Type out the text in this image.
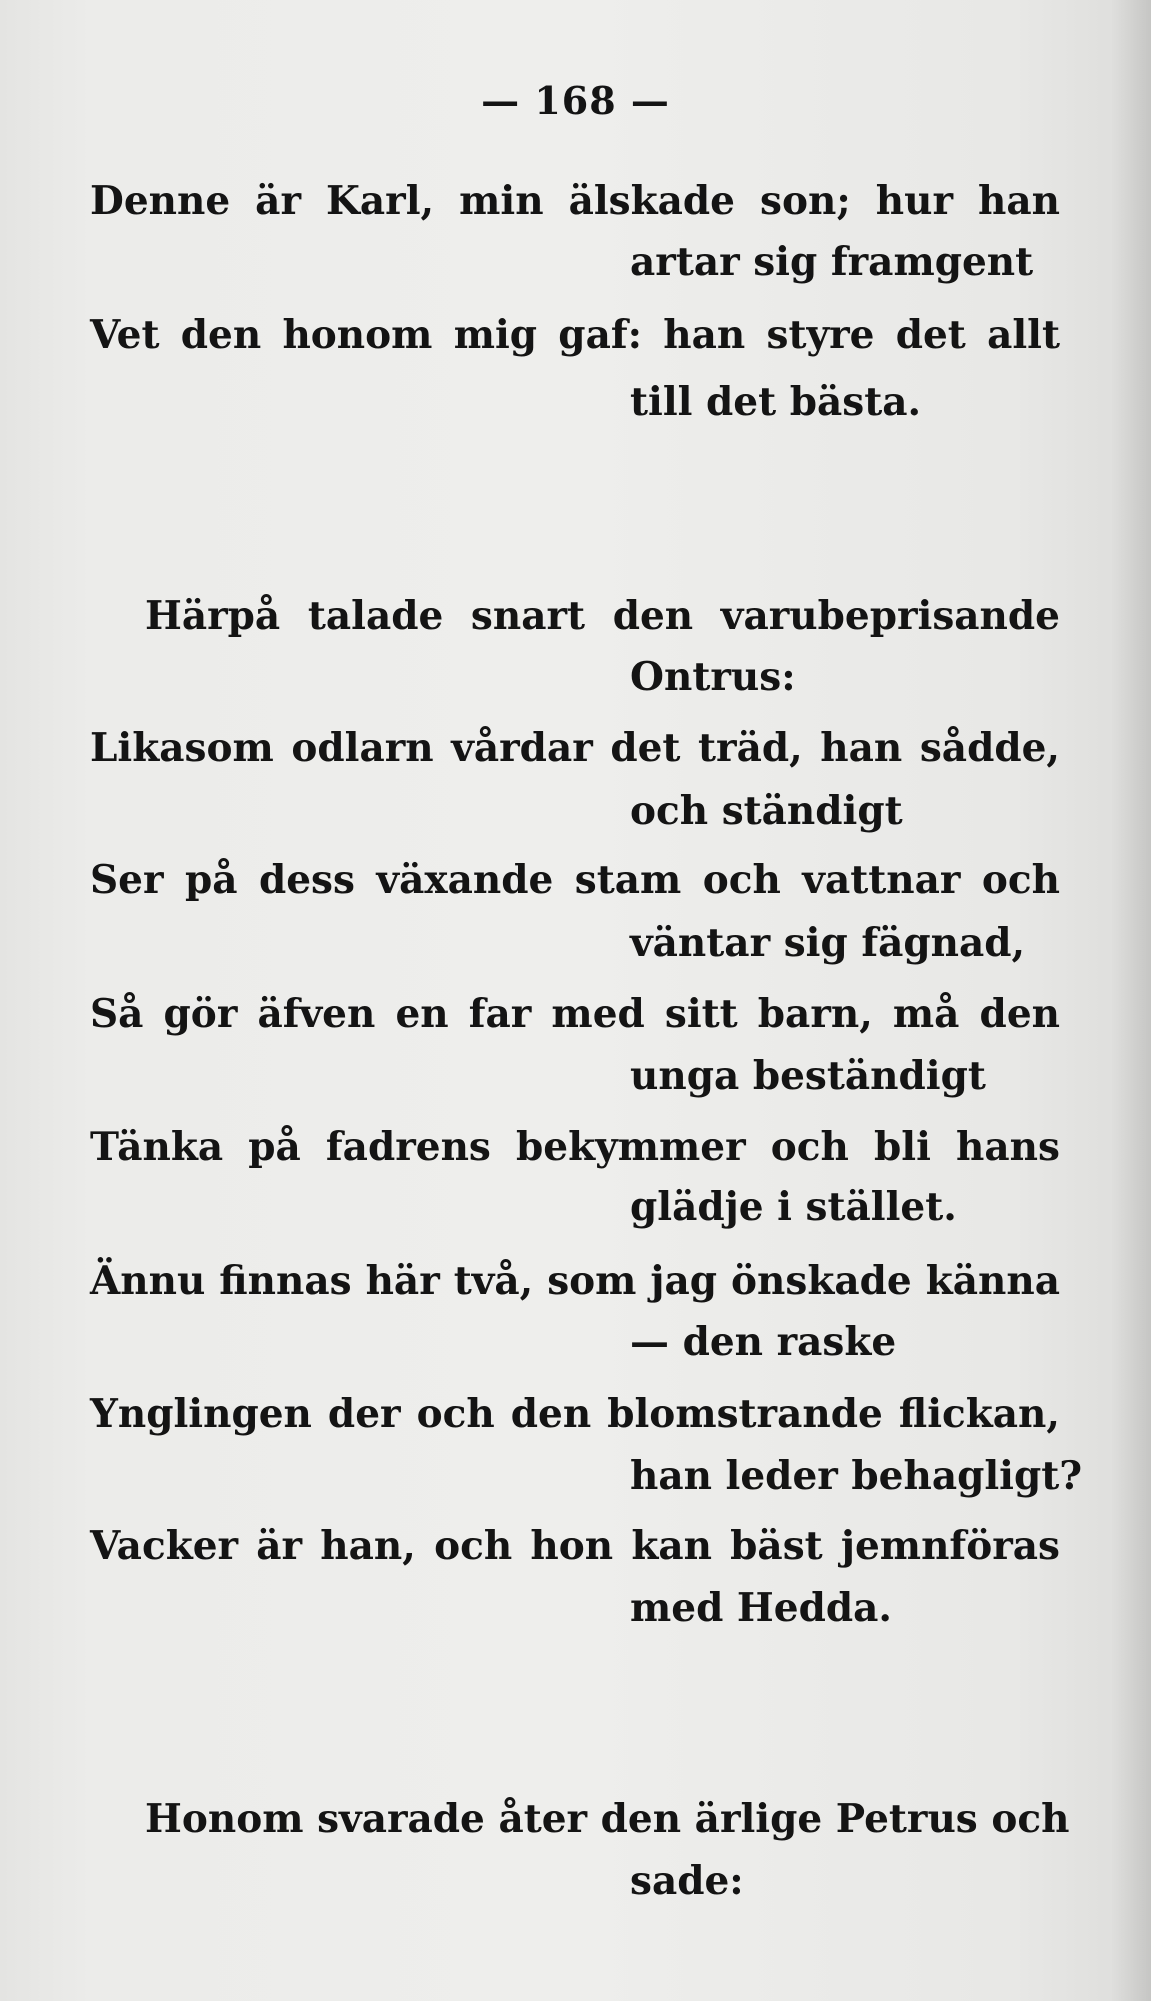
— 168 —
Denne är Karl, min älskade son; hur han
artar sig framgent
Vet den honom mig gaf: han styre det allt
till det bästa.
Härpå talade snart den varubeprisande
Ontrus:
Likasom odlarn vårdar det träd, han sådde,
och ständigt
Ser på dess växande stam och vattnar och
väntar sig fägnad,
Så gör äfven en far med sitt barn, må den
unga beständigt
Tänka på fadrens bekymmer och bli hans
glädje i stället.
Ännu finnas här två, som jag önskade känna
— den raske
Ynglingen der och den blomstrande flickan,
han leder behagligt?
Vacker är han, och hon kan bäst jemnföras
med Hedda.
Honom svarade åter den ärlige Petrus och
sade:
